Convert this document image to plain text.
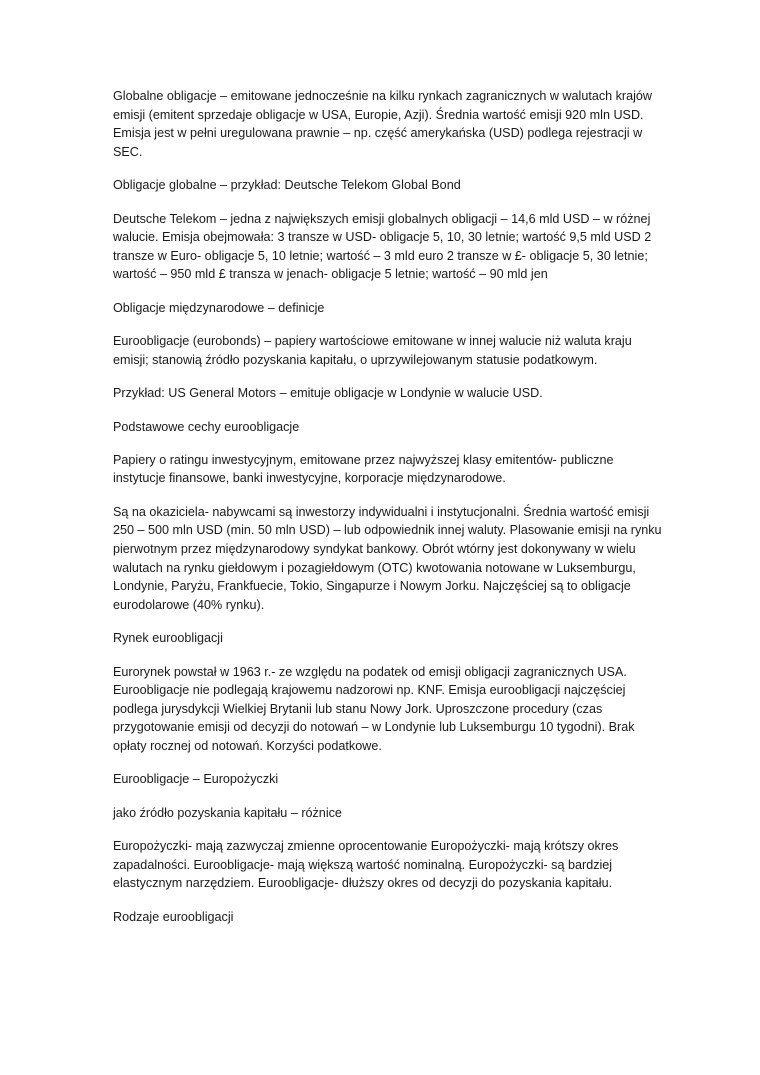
Globalne obligacje – emitowane jednocześnie na kilku rynkach zagranicznych w walutach krajów emisji (emitent sprzedaje obligacje w USA, Europie, Azji). Średnia wartość emisji 920 mln USD. Emisja jest w pełni uregulowana prawnie – np. część amerykańska (USD) podlega rejestracji w SEC.

Obligacje globalne – przykład: Deutsche Telekom Global Bond

Deutsche Telekom – jedna z największych emisji globalnych obligacji – 14,6 mld USD – w różnej walucie. Emisja obejmowała: 3 transze w USD- obligacje 5, 10, 30 letnie; wartość 9,5 mld USD 2 transze w Euro- obligacje 5, 10 letnie; wartość – 3 mld euro 2 transze w £- obligacje 5, 30 letnie; wartość – 950 mld £ transza w jenach- obligacje 5 letnie; wartość – 90 mld jen

Obligacje międzynarodowe – definicje

Euroobligacje (eurobonds) – papiery wartościowe emitowane w innej walucie niż waluta kraju emisji; stanowią źródło pozyskania kapitału, o uprzywilejowanym statusie podatkowym.

Przykład: US General Motors – emituje obligacje w Londynie w walucie USD.

Podstawowe cechy euroobligacje

Papiery o ratingu inwestycyjnym, emitowane przez najwyższej klasy emitentów- publiczne instytucje finansowe, banki inwestycyjne, korporacje międzynarodowe.

Są na okaziciela- nabywcami są inwestorzy indywidualni i instytucjonalni. Średnia wartość emisji 250 – 500 mln USD (min. 50 mln USD) – lub odpowiednik innej waluty. Plasowanie emisji na rynku pierwotnym przez międzynarodowy syndykat bankowy. Obrót wtórny jest dokonywany w wielu walutach na rynku giełdowym i pozagiełdowym (OTC) kwotowania notowane w Luksemburgu, Londynie, Paryżu, Frankfuecie, Tokio, Singapurze i Nowym Jorku. Najczęściej są to obligacje eurodolarowe (40% rynku).

Rynek euroobligacji

Eurorynek powstał w 1963 r.- ze względu na podatek od emisji obligacji zagranicznych USA. Euroobligacje nie podlegają krajowemu nadzorowi np. KNF. Emisja euroobligacji najczęściej podlega jurysdykcji Wielkiej Brytanii lub stanu Nowy Jork. Uproszczone procedury (czas przygotowanie emisji od decyzji do notowań – w Londynie lub Luksemburgu 10 tygodni). Brak opłaty rocznej od notowań. Korzyści podatkowe.

Euroobligacje – Europożyczki

jako źródło pozyskania kapitału – różnice

Europożyczki- mają zazwyczaj zmienne oprocentowanie Europożyczki- mają krótszy okres zapadalności. Euroobligacje- mają większą wartość nominalną. Europożyczki- są bardziej elastycznym narzędziem. Euroobligacje- dłuższy okres od decyzji do pozyskania kapitału.

Rodzaje euroobligacji
